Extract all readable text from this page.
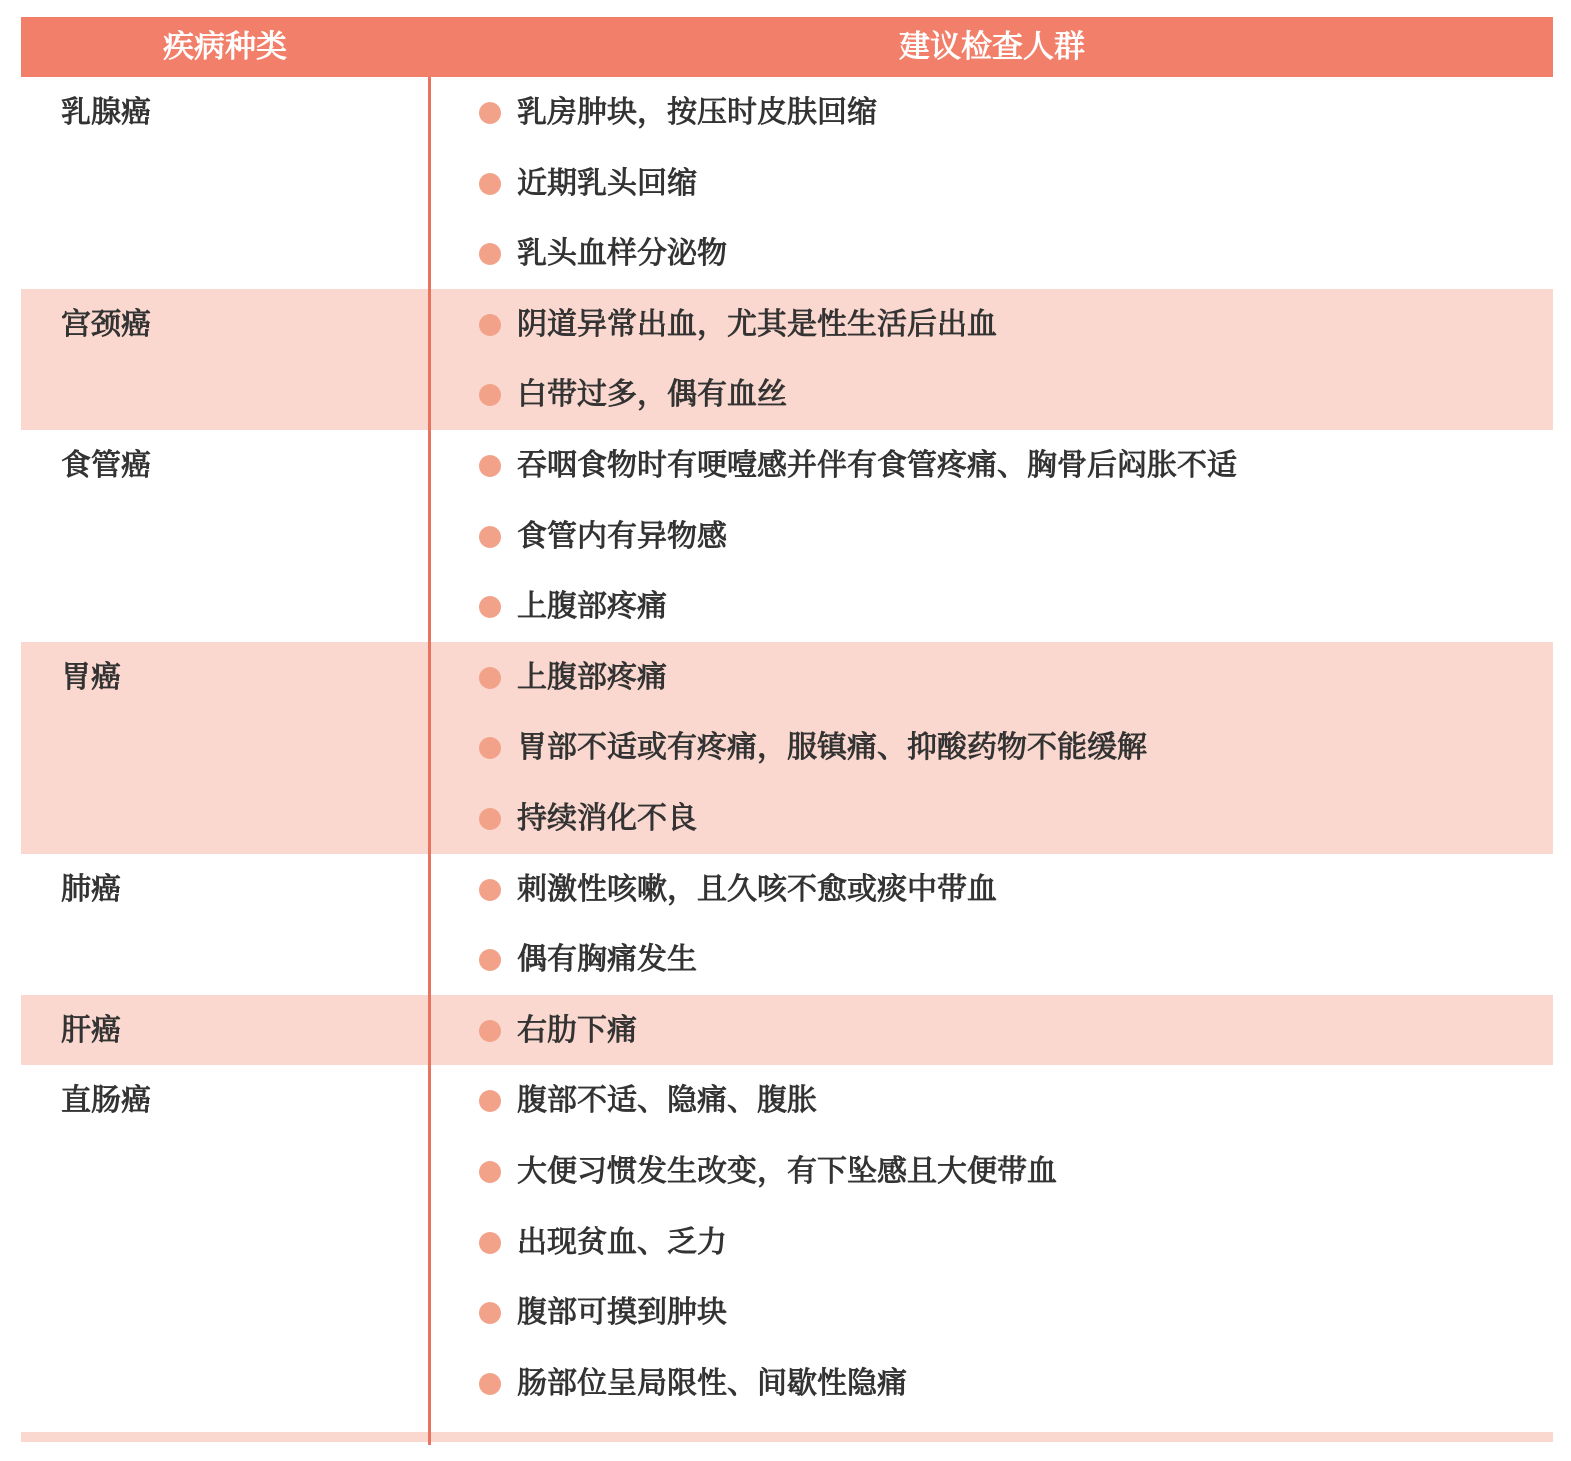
疾病种类	建议检查人群
乳腺癌	乳房肿块，按压时皮肤回缩
近期乳头回缩
乳头血样分泌物
宫颈癌	阴道异常出血，尤其是性生活后出血
白带过多，偶有血丝
食管癌	吞咽食物时有哽噎感并伴有食管疼痛、胸骨后闷胀不适
食管内有异物感
上腹部疼痛
胃癌	上腹部疼痛
胃部不适或有疼痛，服镇痛、抑酸药物不能缓解
持续消化不良
肺癌	刺激性咳嗽，且久咳不愈或痰中带血
偶有胸痛发生
肝癌	右肋下痛
直肠癌	腹部不适、隐痛、腹胀
大便习惯发生改变，有下坠感且大便带血
出现贫血、乏力
腹部可摸到肿块
肠部位呈局限性、间歇性隐痛
